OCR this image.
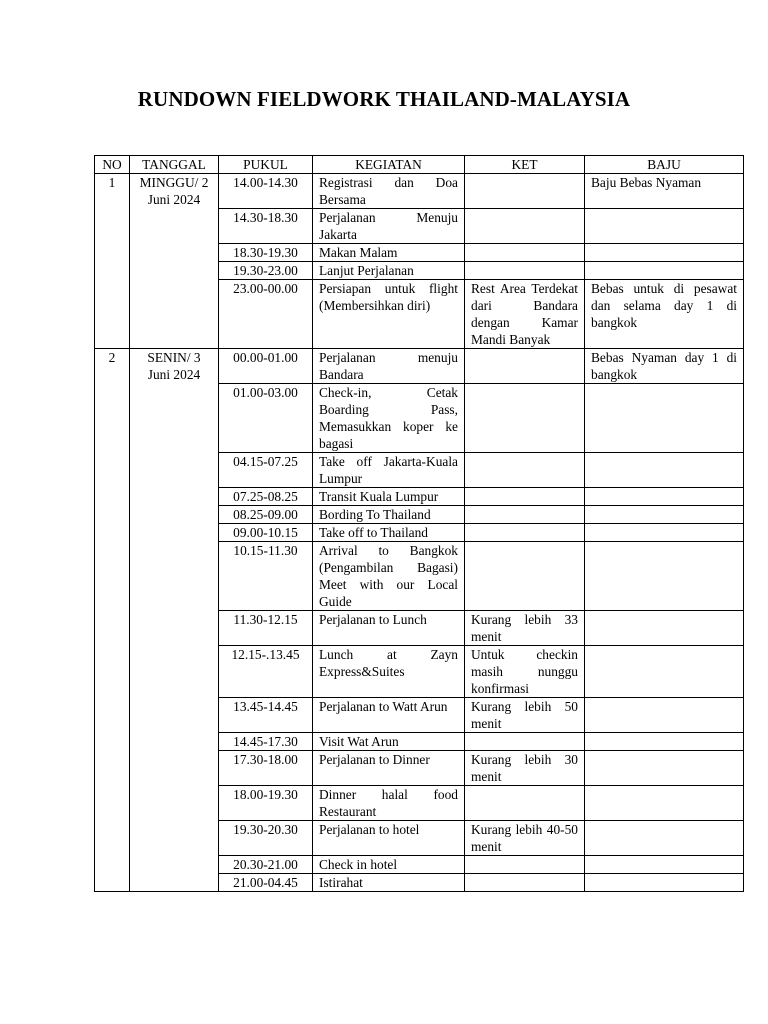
RUNDOWN FIELDWORK THAILAND-MALAYSIA
NO	TANGGAL	PUKUL	KEGIATAN	KET	BAJU
1	MINGGU/ 2 Juni 2024	14.00-14.30	Registrasi dan Doa Bersama		Baju Bebas Nyaman
		14.30-18.30	Perjalanan Menuju Jakarta		
		18.30-19.30	Makan Malam		
		19.30-23.00	Lanjut Perjalanan		
		23.00-00.00	Persiapan untuk flight (Membersihkan diri)	Rest Area Terdekat dari Bandara dengan Kamar Mandi Banyak	Bebas untuk di pesawat dan selama day 1 di bangkok
2	SENIN/ 3 Juni 2024	00.00-01.00	Perjalanan menuju Bandara		Bebas Nyaman day 1 di bangkok
		01.00-03.00	Check-in, Cetak Boarding Pass, Memasukkan koper ke bagasi		
		04.15-07.25	Take off Jakarta-Kuala Lumpur		
		07.25-08.25	Transit Kuala Lumpur		
		08.25-09.00	Bording To Thailand		
		09.00-10.15	Take off to Thailand		
		10.15-11.30	Arrival to Bangkok (Pengambilan Bagasi) Meet with our Local Guide		
		11.30-12.15	Perjalanan to Lunch	Kurang lebih 33 menit	
		12.15-.13.45	Lunch at Zayn Express&Suites	Untuk checkin masih nunggu konfirmasi	
		13.45-14.45	Perjalanan to Watt Arun	Kurang lebih 50 menit	
		14.45-17.30	Visit Wat Arun		
		17.30-18.00	Perjalanan to Dinner	Kurang lebih 30 menit	
		18.00-19.30	Dinner halal food Restaurant		
		19.30-20.30	Perjalanan to hotel	Kurang lebih 40-50 menit	
		20.30-21.00	Check in hotel		
		21.00-04.45	Istirahat		
